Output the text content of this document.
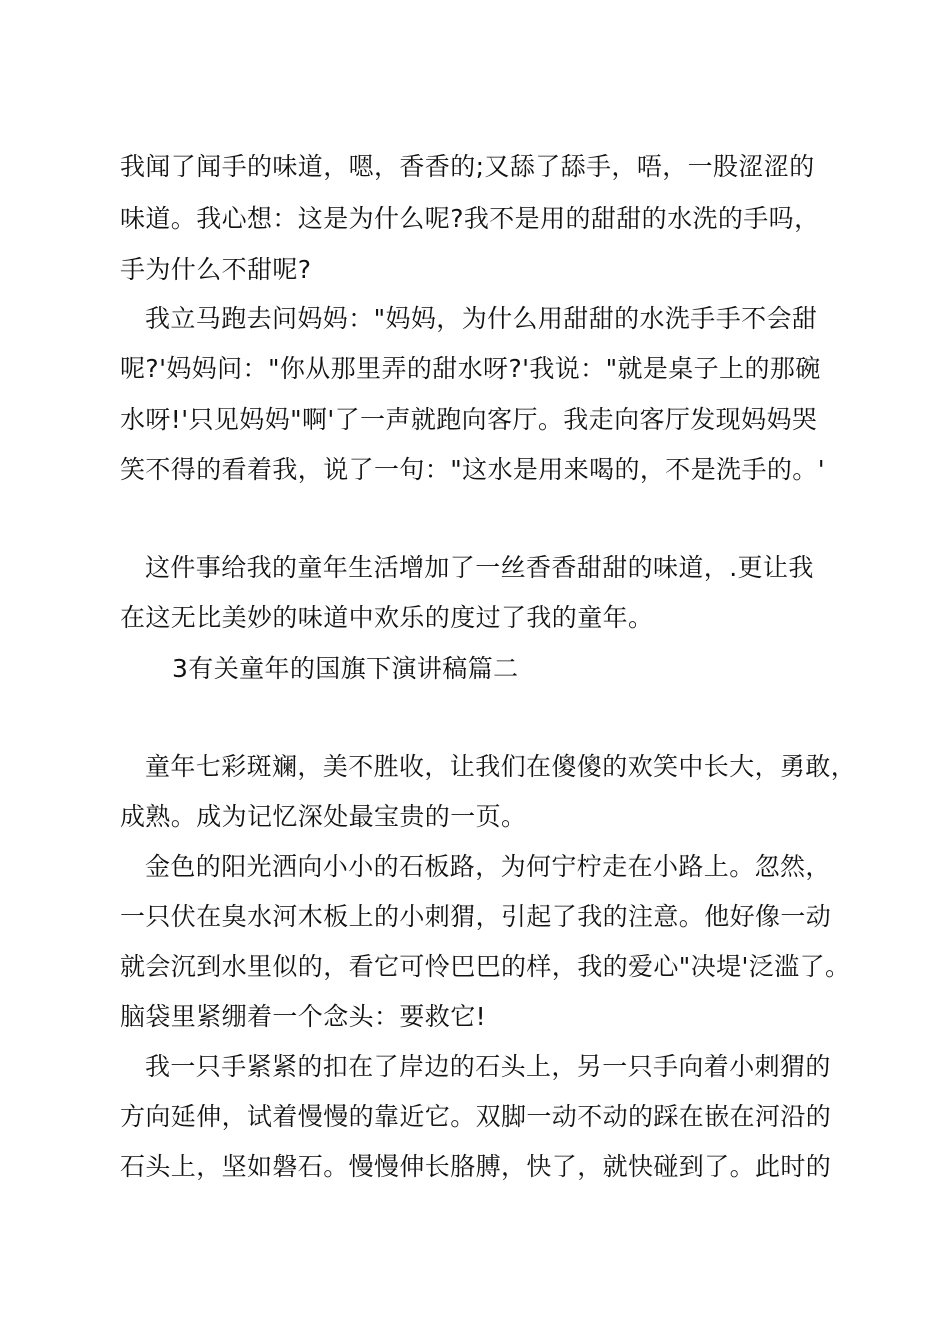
我闻了闻手的味道，嗯，香香的;又舔了舔手，唔，一股涩涩的
味道。我心想：这是为什么呢?我不是用的甜甜的水洗的手吗，
手为什么不甜呢?
我立马跑去问妈妈："妈妈，为什么用甜甜的水洗手手不会甜
呢?'妈妈问："你从那里弄的甜水呀?'我说："就是桌子上的那碗
水呀!'只见妈妈"啊'了一声就跑向客厅。我走向客厅发现妈妈哭
笑不得的看着我，说了一句："这水是用来喝的，不是洗手的。'
这件事给我的童年生活增加了一丝香香甜甜的味道，.更让我
在这无比美妙的味道中欢乐的度过了我的童年。
3有关童年的国旗下演讲稿篇二
童年七彩斑斓，美不胜收，让我们在傻傻的欢笑中长大，勇敢，
成熟。成为记忆深处最宝贵的一页。
金色的阳光洒向小小的石板路，为何宁柠走在小路上。忽然，
一只伏在臭水河木板上的小刺猬，引起了我的注意。他好像一动
就会沉到水里似的，看它可怜巴巴的样，我的爱心"决堤'泛滥了。
脑袋里紧绷着一个念头：要救它!
我一只手紧紧的扣在了岸边的石头上，另一只手向着小刺猬的
方向延伸，试着慢慢的靠近它。双脚一动不动的踩在嵌在河沿的
石头上，坚如磐石。慢慢伸长胳膊，快了，就快碰到了。此时的
